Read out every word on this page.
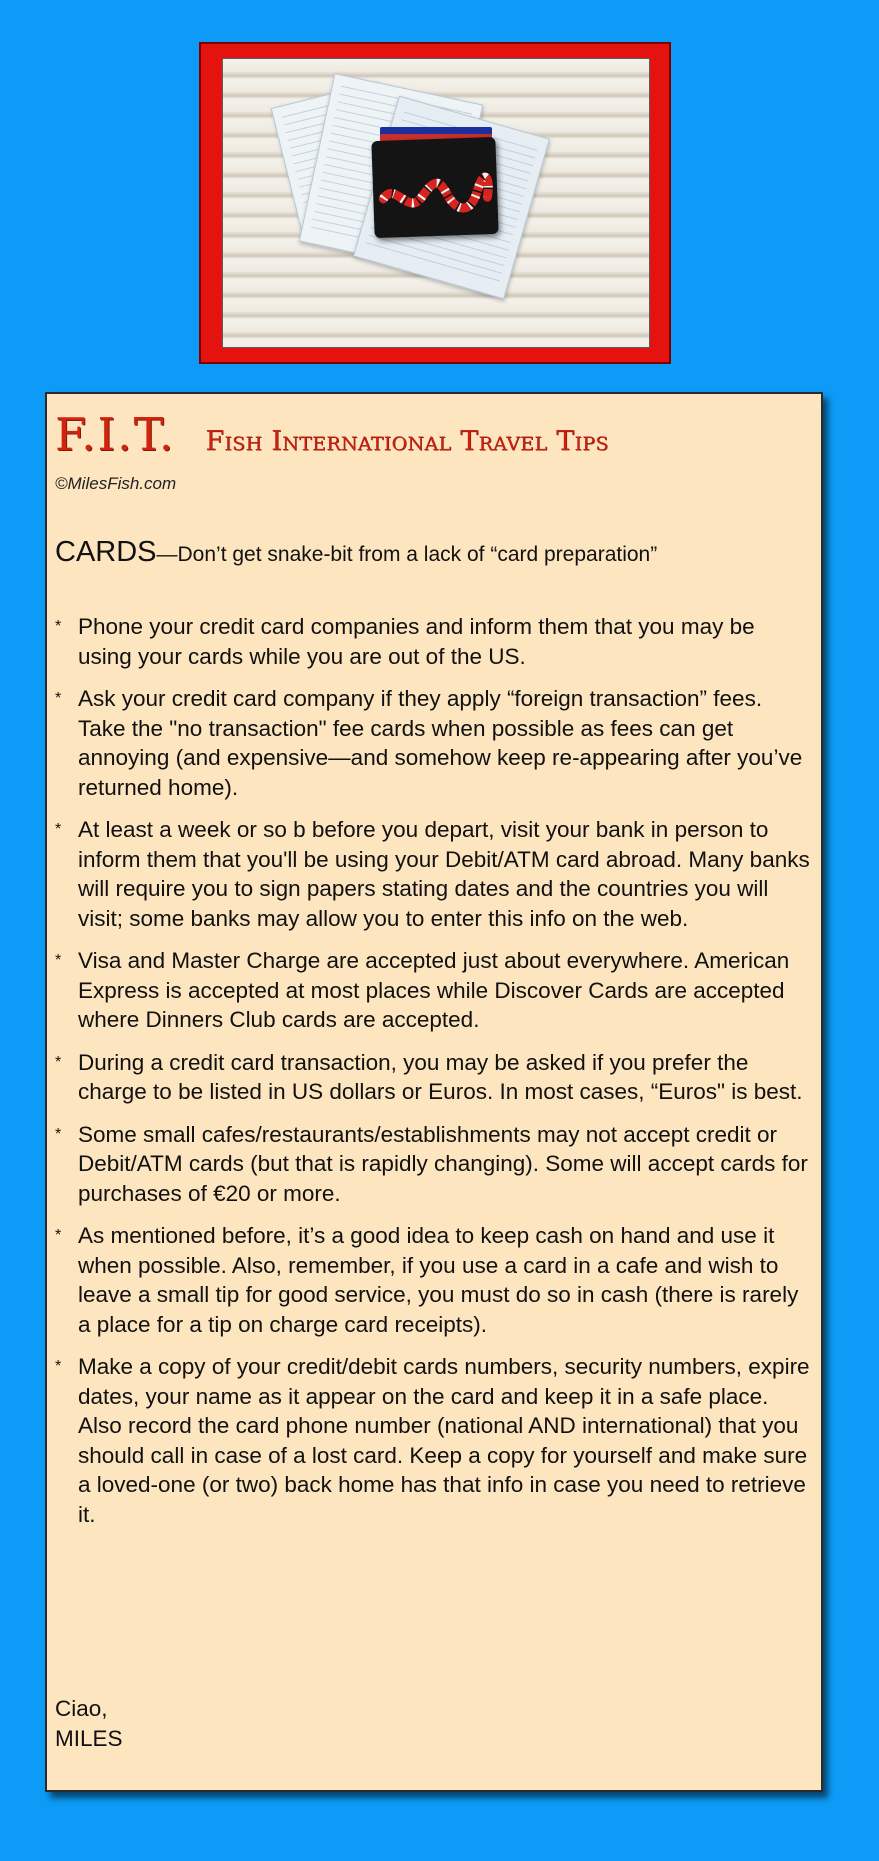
F.I.T. Fish International Travel Tips
©MilesFish.com
CARDS—Don’t get snake-bit from a lack of “card preparation”
* Phone your credit card companies and inform them that you may be using your cards while you are out of the US.
* Ask your credit card company if they apply “foreign transaction” fees. Take the "no transaction" fee cards when possible as fees can get annoying (and expensive—and somehow keep re-appearing after you’ve returned home).
* At least a week or so b before you depart, visit your bank in person to inform them that you'll be using your Debit/ATM card abroad. Many banks will require you to sign papers stating dates and the countries you will visit; some banks may allow you to enter this info on the web.
* Visa and Master Charge are accepted just about everywhere. American Express is accepted at most places while Discover Cards are accepted where Dinners Club cards are accepted.
* During a credit card transaction, you may be asked if you prefer the charge to be listed in US dollars or Euros. In most cases, “Euros" is best.
* Some small cafes/restaurants/establishments may not accept credit or Debit/ATM cards (but that is rapidly changing). Some will accept cards for purchases of €20 or more.
* As mentioned before, it’s a good idea to keep cash on hand and use it when possible. Also, remember, if you use a card in a cafe and wish to leave a small tip for good service, you must do so in cash (there is rarely a place for a tip on charge card receipts).
* Make a copy of your credit/debit cards numbers, security numbers, expire dates, your name as it appear on the card and keep it in a safe place. Also record the card phone number (national AND international) that you should call in case of a lost card. Keep a copy for yourself and make sure a loved-one (or two) back home has that info in case you need to retrieve it.
Ciao,
MILES
